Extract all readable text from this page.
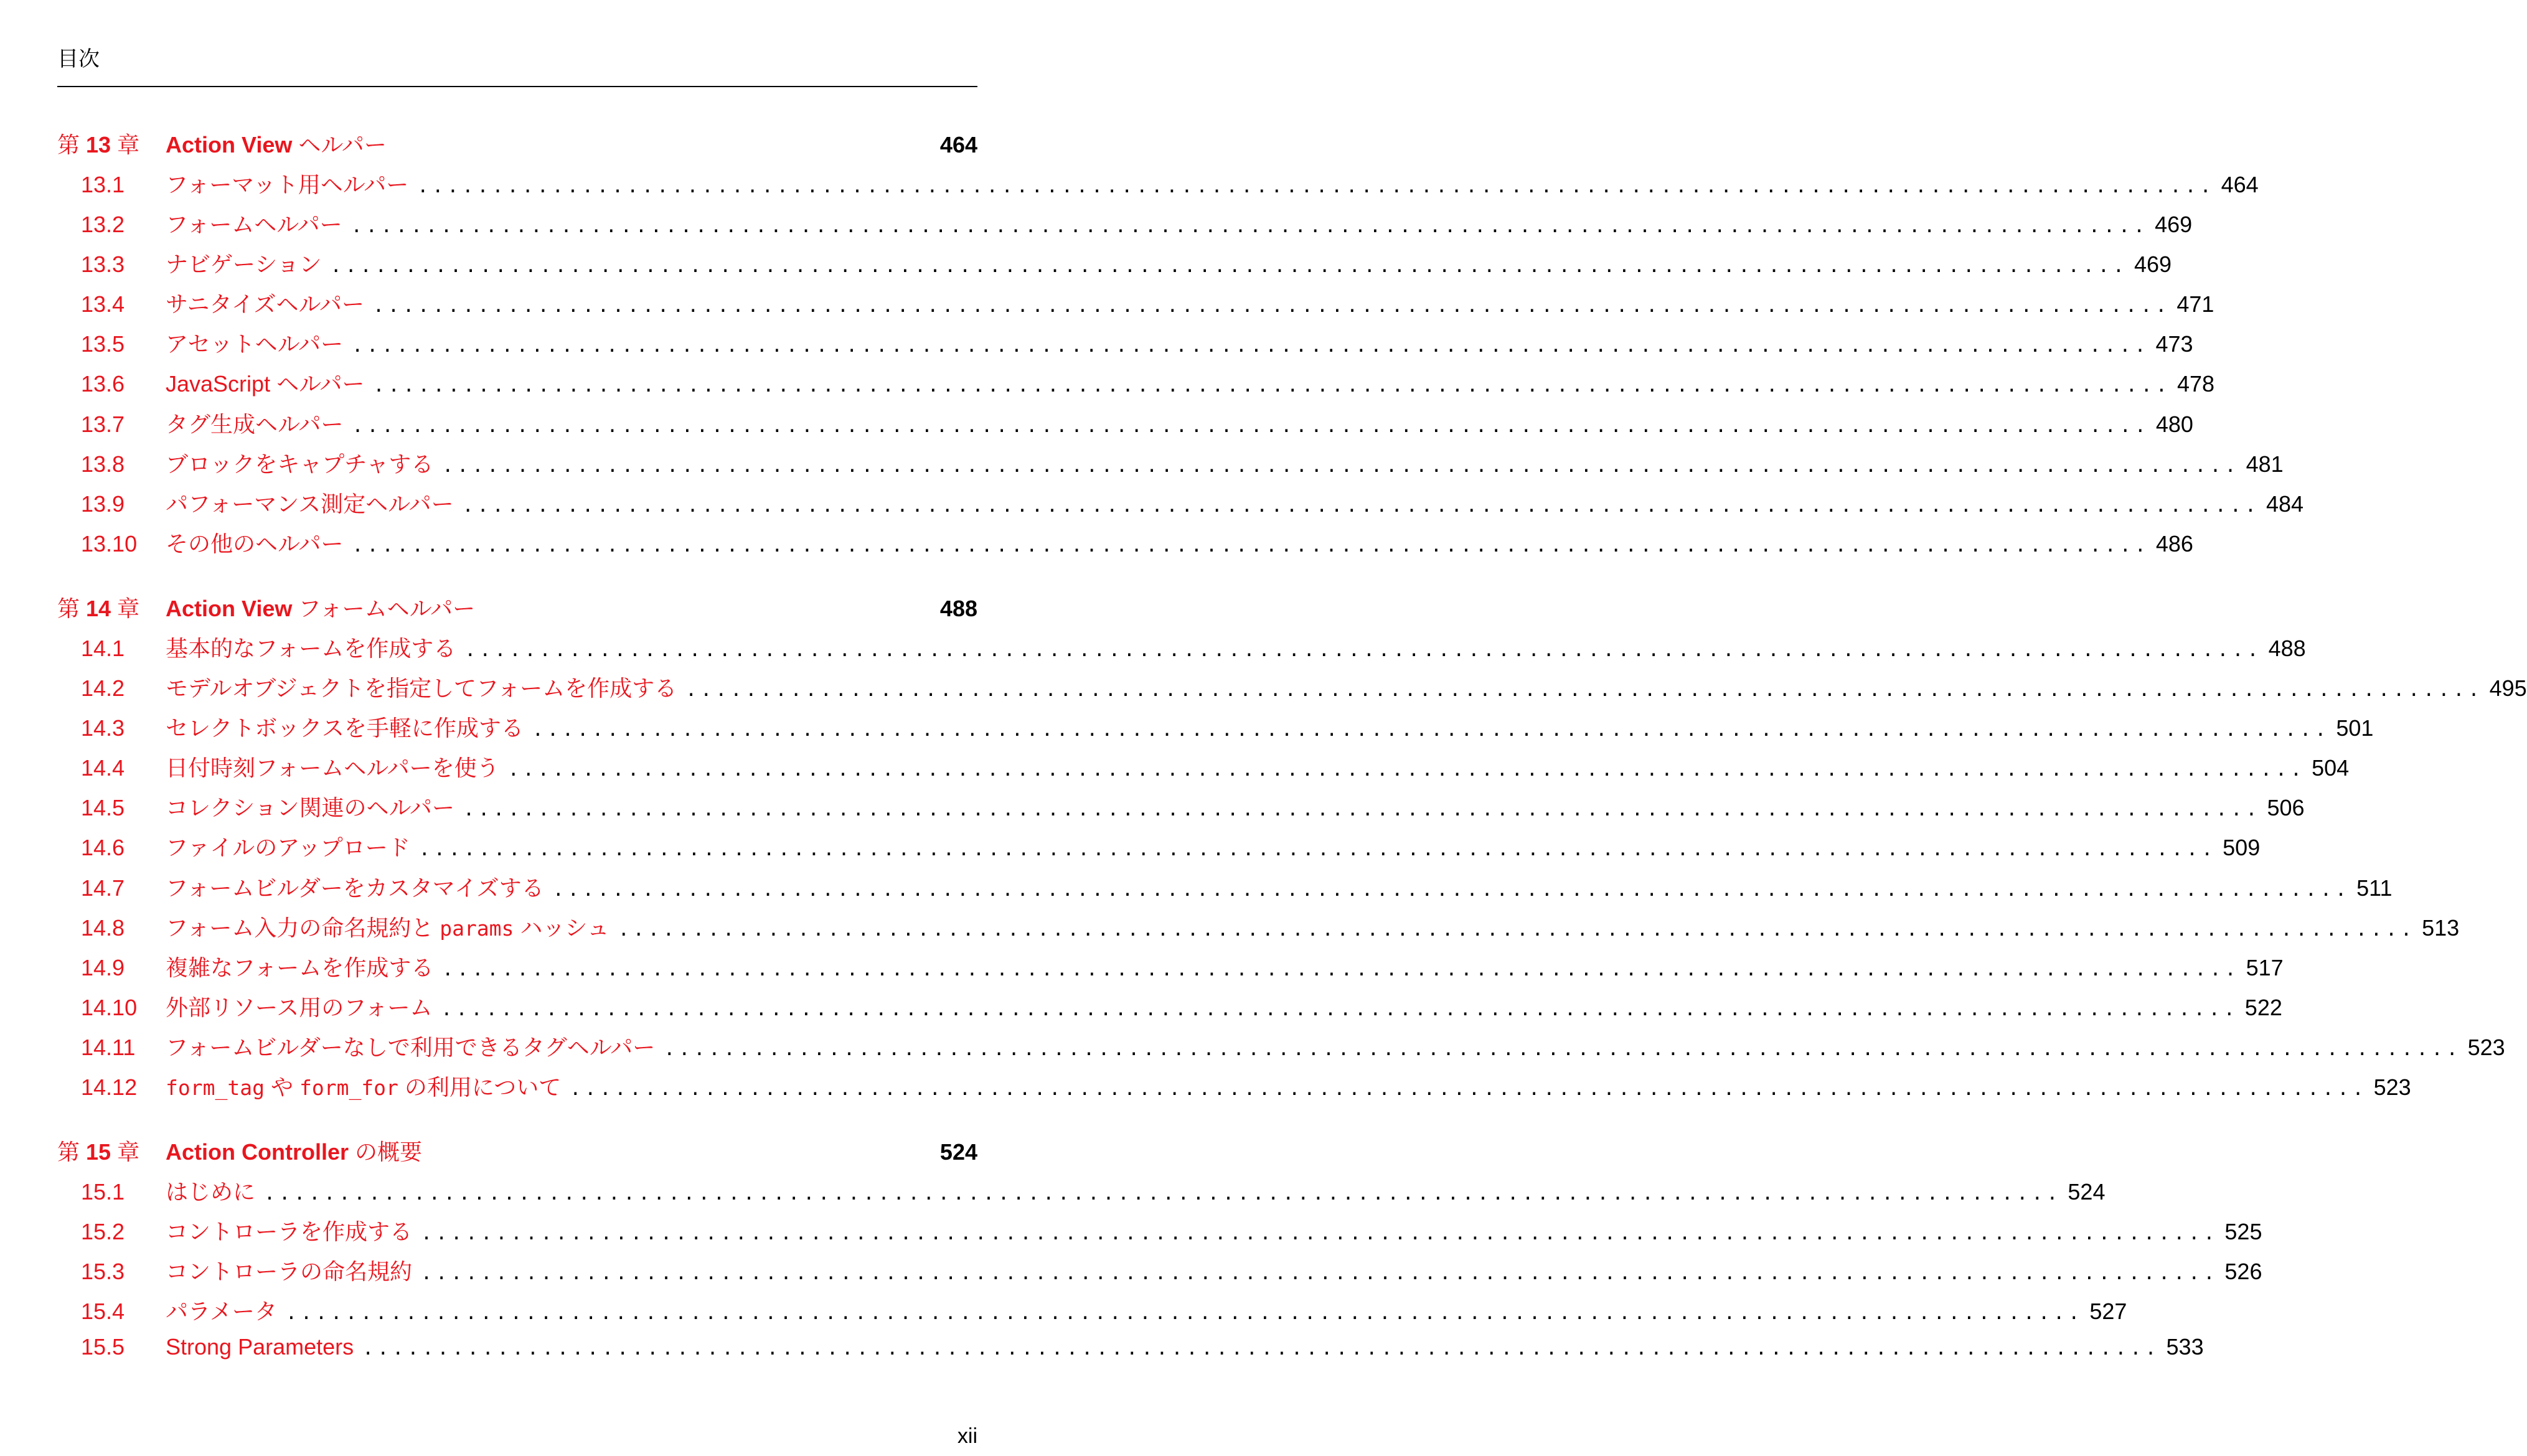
目次
第 13 章	Action View ヘルパー	464
13.1	フォーマット用ヘルパー ........................................................................................................................ 464
13.2	フォームヘルパー ........................................................................................................................ 469
13.3	ナビゲーション ........................................................................................................................ 469
13.4	サニタイズヘルパー ........................................................................................................................ 471
13.5	アセットヘルパー ........................................................................................................................ 473
13.6	JavaScript ヘルパー ........................................................................................................................ 478
13.7	タグ生成ヘルパー ........................................................................................................................ 480
13.8	ブロックをキャプチャする ........................................................................................................................ 481
13.9	パフォーマンス測定ヘルパー ........................................................................................................................ 484
13.10	その他のヘルパー ........................................................................................................................ 486
第 14 章	Action View フォームヘルパー	488
14.1	基本的なフォームを作成する ........................................................................................................................ 488
14.2	モデルオブジェクトを指定してフォームを作成する ........................................................................................................................ 495
14.3	セレクトボックスを手軽に作成する ........................................................................................................................ 501
14.4	日付時刻フォームヘルパーを使う ........................................................................................................................ 504
14.5	コレクション関連のヘルパー ........................................................................................................................ 506
14.6	ファイルのアップロード ........................................................................................................................ 509
14.7	フォームビルダーをカスタマイズする ........................................................................................................................ 511
14.8	フォーム入力の命名規約と params ハッシュ ........................................................................................................................ 513
14.9	複雑なフォームを作成する ........................................................................................................................ 517
14.10	外部リソース用のフォーム ........................................................................................................................ 522
14.11	フォームビルダーなしで利用できるタグヘルパー ........................................................................................................................ 523
14.12	form_tag や form_for の利用について ........................................................................................................................ 523
第 15 章	Action Controller の概要	524
15.1	はじめに ........................................................................................................................ 524
15.2	コントローラを作成する ........................................................................................................................ 525
15.3	コントローラの命名規約 ........................................................................................................................ 526
15.4	パラメータ ........................................................................................................................ 527
15.5	Strong Parameters ........................................................................................................................ 533
xii
